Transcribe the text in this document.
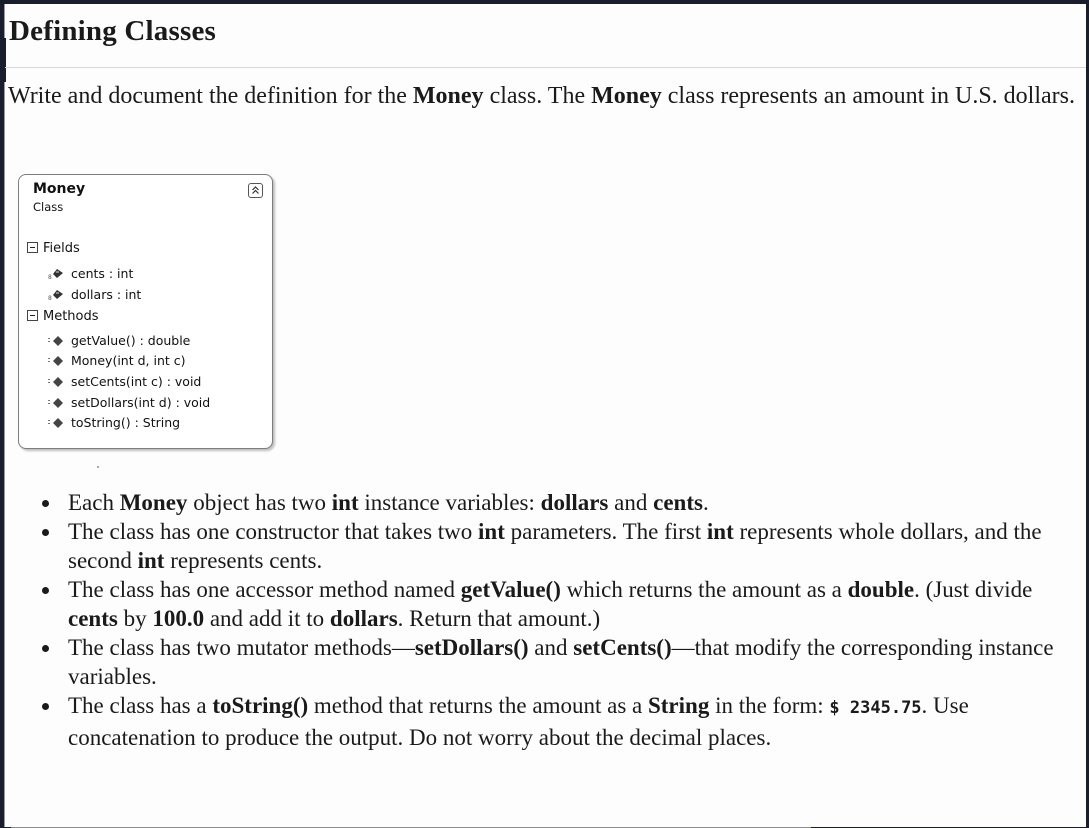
Defining Classes

Write and document the definition for the Money class. The Money class represents an amount in U.S. dollars.

Money
Class
Fields
8 cents : int
8 dollars : int
Methods
getValue() : double
Money(int d, int c)
setCents(int c) : void
setDollars(int d) : void
toString() : String
Each Money object has two int instance variables: dollars and cents.
The class has one constructor that takes two int parameters. The first int represents whole dollars, and the second int represents cents.
The class has one accessor method named getValue() which returns the amount as a double. (Just divide cents by 100.0 and add it to dollars. Return that amount.)
The class has two mutator methods—setDollars() and setCents()—that modify the corresponding instance variables.
The class has a toString() method that returns the amount as a String in the form: $ 2345.75. Use concatenation to produce the output. Do not worry about the decimal places.
